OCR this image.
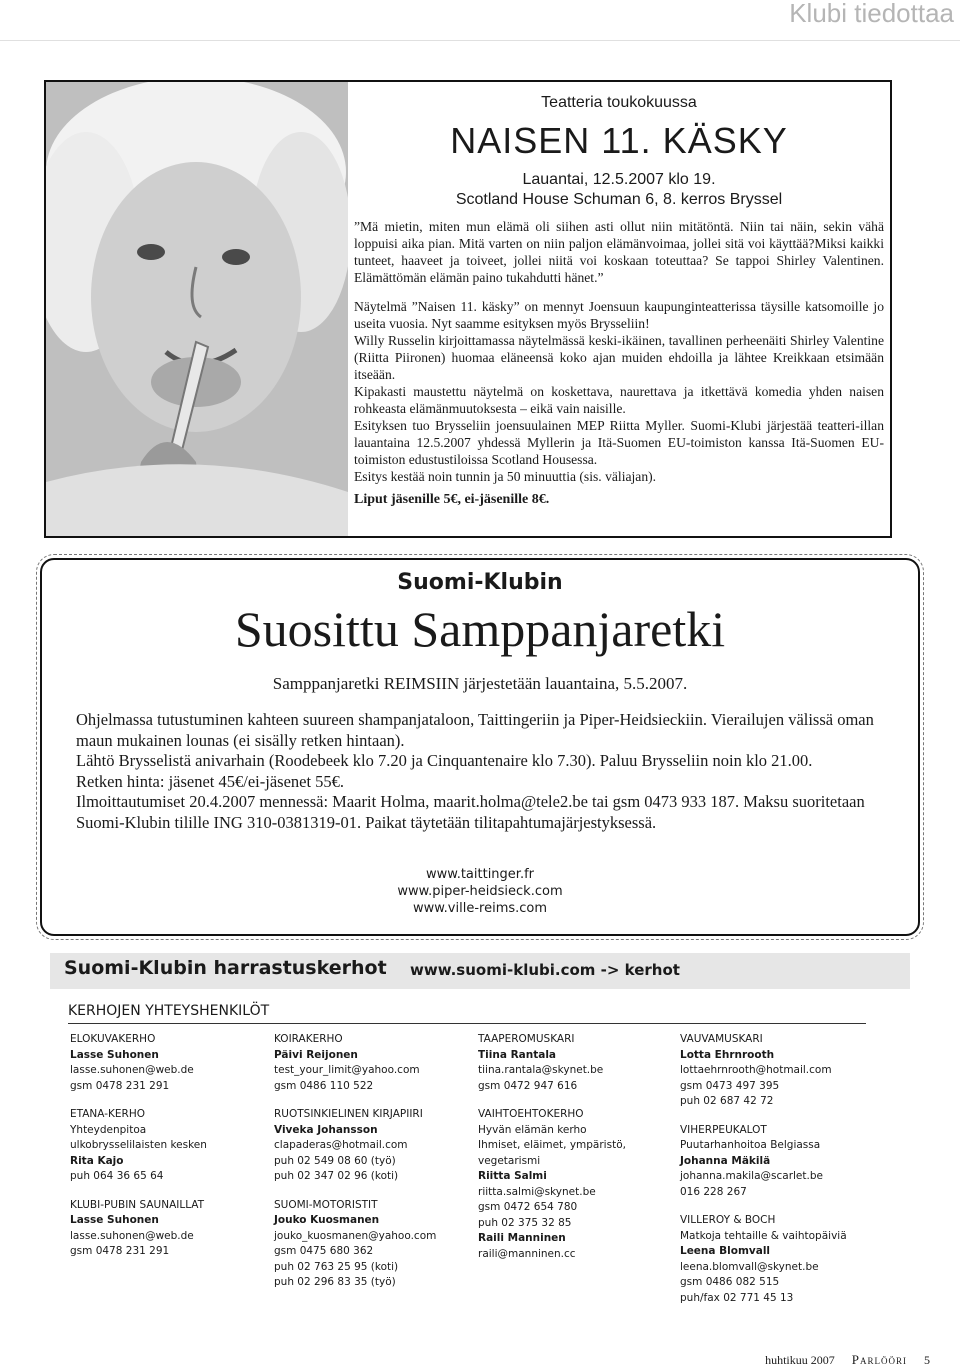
Klubi tiedottaa

Teatteria toukokuussa

NAISEN 11. KÄSKY

Lauantai, 12.5.2007 klo 19.

Scotland House Schuman 6, 8. kerros Bryssel

”Mä mietin, miten mun elämä oli siihen asti ollut niin mitätöntä. Niin tai näin, sekin vähä loppuisi aika pian. Mitä varten on niin paljon elämänvoimaa, jollei sitä voi käyttää?Miksi kaikki tunteet, haaveet ja toiveet, jollei niitä voi koskaan toteuttaa? Se tappoi Shirley Valentinen. Elämättömän elämän paino tukahdutti hänet.”

Näytelmä ”Naisen 11. käsky” on mennyt Joensuun kaupunginteatterissa täysille katsomoille jo useita vuosia. Nyt saamme esityksen myös Brysseliin!

Willy Russelin kirjoittamassa näytelmässä keski-ikäinen, tavallinen perheenäiti Shirley Valentine (Riitta Piironen) huomaa eläneensä koko ajan muiden ehdoilla ja lähtee Kreikkaan etsimään itseään.

Kipakasti maustettu näytelmä on koskettava, naurettava ja itkettävä komedia yhden naisen rohkeasta elämänmuutoksesta – eikä vain naisille.

Esityksen tuo Brysseliin joensuulainen MEP Riitta Myller. Suomi-Klubi järjestää teatteri-illan lauantaina 12.5.2007 yhdessä Myllerin ja Itä-Suomen EU-toimiston kanssa Itä-Suomen EU-toimiston edustustiloissa Scotland Housessa.

Esitys kestää noin tunnin ja 50 minuuttia (sis. väliajan).

Liput jäsenille 5€, ei-jäsenille 8€.

Suomi-Klubin
Suosittu Samppanjaretki
Samppanjaretki REIMSIIN järjestetään lauantaina, 5.5.2007.

Ohjelmassa tutustuminen kahteen suureen shampanjataloon, Taittingeriin ja Piper-Heidsieckiin. Vierailujen välissä oman maun mukainen lounas (ei sisälly retken hintaan).

Lähtö Brysselistä anivarhain (Roodebeek klo 7.20 ja Cinquantenaire klo 7.30). Paluu Brysseliin noin klo 21.00.

Retken hinta: jäsenet 45€/ei-jäsenet 55€.

Ilmoittautumiset 20.4.2007 mennessä: Maarit Holma, maarit.holma@tele2.be tai gsm 0473 933 187. Maksu suoritetaan Suomi-Klubin tilille ING 310-0381319-01. Paikat täytetään tilitapahtumajärjestyksessä.

www.taittinger.fr
www.piper-heidsieck.com
www.ville-reims.com
Suomi-Klubin harrastuskerhot www.suomi-klubi.com -> kerhot
KERHOJEN YHTEYSHENKILÖT
ELOKUVAKERHO
Lasse Suhonen
lasse.suhonen@web.de
gsm 0478 231 291
ETANA-KERHO
Yhteydenpitoa
ulkobrysselilaisten kesken
Rita Kajo
puh 064 36 65 64
KLUBI-PUBIN SAUNAILLAT
Lasse Suhonen
lasse.suhonen@web.de
gsm 0478 231 291
KOIRAKERHO
Päivi Reijonen
test_your_limit@yahoo.com
gsm 0486 110 522
RUOTSINKIELINEN KIRJAPIIRI
Viveka Johansson
clapaderas@hotmail.com
puh 02 549 08 60 (työ)
puh 02 347 02 96 (koti)
SUOMI-MOTORISTIT
Jouko Kuosmanen
jouko_kuosmanen@yahoo.com
gsm 0475 680 362
puh 02 763 25 95 (koti)
puh 02 296 83 35 (työ)
TAAPEROMUSKARI
Tiina Rantala
tiina.rantala@skynet.be
gsm 0472 947 616
VAIHTOEHTOKERHO
Hyvän elämän kerho
Ihmiset, eläimet, ympäristö,
vegetarismi
Riitta Salmi
riitta.salmi@skynet.be
gsm 0472 654 780
puh 02 375 32 85
Raili Manninen
raili@manninen.cc
VAUVAMUSKARI
Lotta Ehrnrooth
lottaehrnrooth@hotmail.com
gsm 0473 497 395
puh 02 687 42 72
VIHERPEUKALOT
Puutarhanhoitoa Belgiassa
Johanna Mäkilä
johanna.makila@scarlet.be
016 228 267
VILLEROY & BOCH
Matkoja tehtaille & vaihtopäiviä
Leena Blomvall
leena.blomvall@skynet.be
gsm 0486 082 515
puh/fax 02 771 45 13
huhtikuu 2007 Parlööri 5
